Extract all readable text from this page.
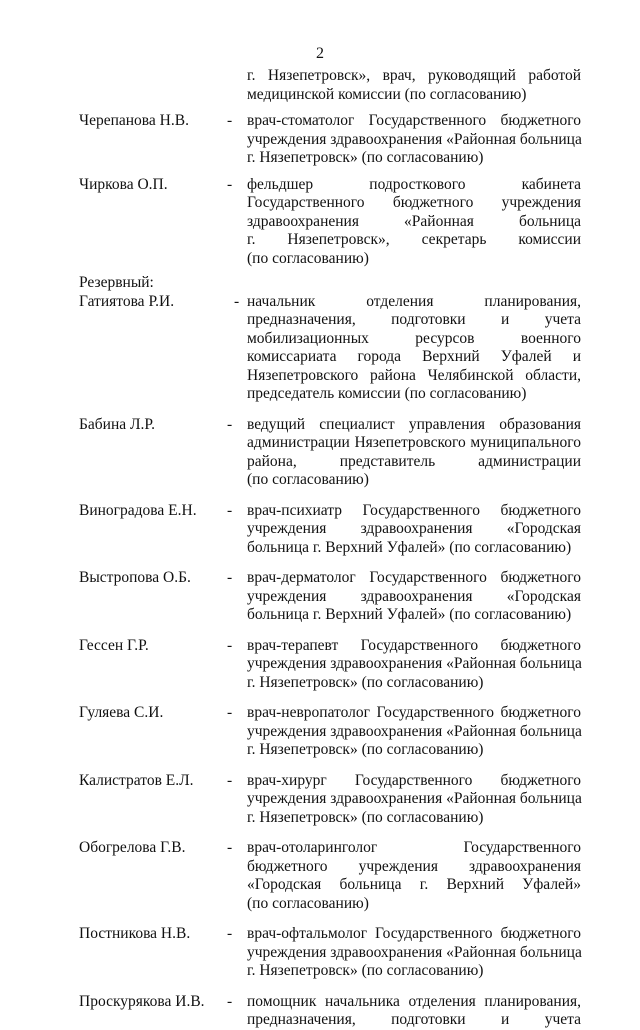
2
г. Нязепетровск», врач, руководящий работой
медицинской комиссии (по согласованию)
Черепанова Н.В. - врач-стоматолог Государственного бюджетного
учреждения здравоохранения «Районная больница
г. Нязепетровск» (по согласованию)
Чиркова О.П.	- фельдшер подросткового кабинета
Государственного бюджетного учреждения
здравоохранения «Районная больница
г. Нязепетровск», секретарь комиссии
(по согласованию)
Резервный:
Гатиятова Р.И.	- начальник отделения планирования,
предназначения, подготовки и учета
мобилизационных ресурсов военного
комиссариата города Верхний Уфалей и
Нязепетровского района Челябинской области,
председатель комиссии (по согласованию)
Бабина Л.Р.	- ведущий специалист управления образования
администрации Нязепетровского муниципального
района, представитель администрации
(по согласованию)
Виноградова Е.Н. - врач-психиатр Государственного бюджетного
учреждения здравоохранения «Городская
больница г. Верхний Уфалей» (по согласованию)
Выстропова О.Б. - врач-дерматолог Государственного бюджетного
учреждения здравоохранения «Городская
больница г. Верхний Уфалей» (по согласованию)
Гессен Г.Р.	- врач-терапевт Государственного бюджетного
учреждения здравоохранения «Районная больница
г. Нязепетровск» (по согласованию)
Гуляева С.И.	- врач-невропатолог Государственного бюджетного
учреждения здравоохранения «Районная больница
г. Нязепетровск» (по согласованию)
Калистратов Е.Л. - врач-хирург Государственного бюджетного
учреждения здравоохранения «Районная больница
г. Нязепетровск» (по согласованию)
Обогрелова Г.В.	- врач-отоларинголог Государственного
бюджетного учреждения здравоохранения
«Городская больница г. Верхний Уфалей»
(по согласованию)
Постникова Н.В. - врач-офтальмолог Государственного бюджетного
учреждения здравоохранения «Районная больница
г. Нязепетровск» (по согласованию)
Проскурякова И.В. - помощник начальника отделения планирования,
предназначения, подготовки и учета
